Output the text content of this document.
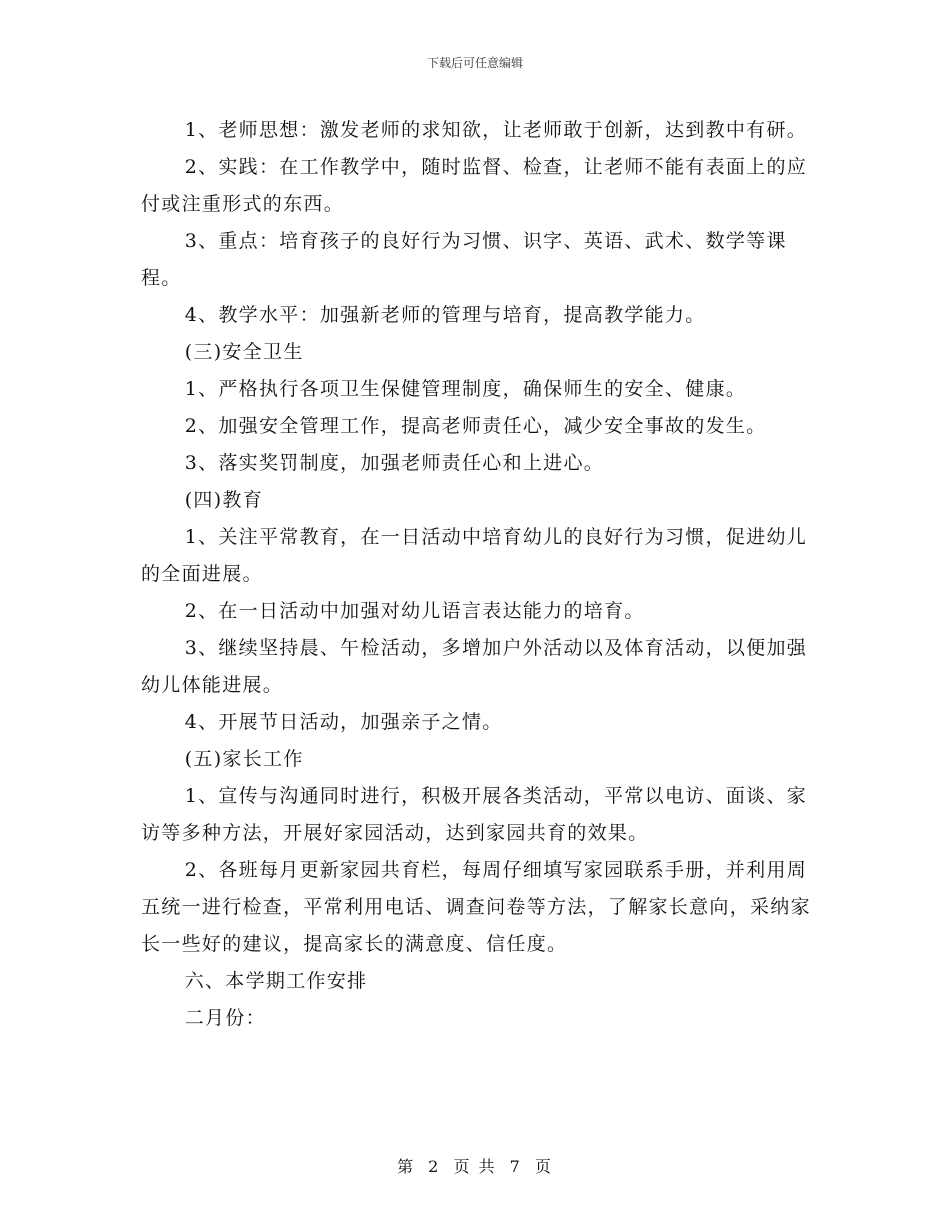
下载后可任意编辑

1、老师思想：激发老师的求知欲，让老师敢于创新，达到教中有研。

2、实践：在工作教学中，随时监督、检查，让老师不能有表面上的应付或注重形式的东西。

3、重点：培育孩子的良好行为习惯、识字、英语、武术、数学等课程。

4、教学水平：加强新老师的管理与培育，提高教学能力。

(三)安全卫生

1、严格执行各项卫生保健管理制度，确保师生的安全、健康。

2、加强安全管理工作，提高老师责任心，减少安全事故的发生。

3、落实奖罚制度，加强老师责任心和上进心。

(四)教育

1、关注平常教育，在一日活动中培育幼儿的良好行为习惯，促进幼儿的全面进展。

2、在一日活动中加强对幼儿语言表达能力的培育。

3、继续坚持晨、午检活动，多增加户外活动以及体育活动，以便加强幼儿体能进展。

4、开展节日活动，加强亲子之情。

(五)家长工作

1、宣传与沟通同时进行，积极开展各类活动，平常以电访、面谈、家访等多种方法，开展好家园活动，达到家园共育的效果。

2、各班每月更新家园共育栏，每周仔细填写家园联系手册，并利用周五统一进行检查，平常利用电话、调查问卷等方法，了解家长意向，采纳家长一些好的建议，提高家长的满意度、信任度。

六、本学期工作安排

二月份：

第 2 页 共 7 页
